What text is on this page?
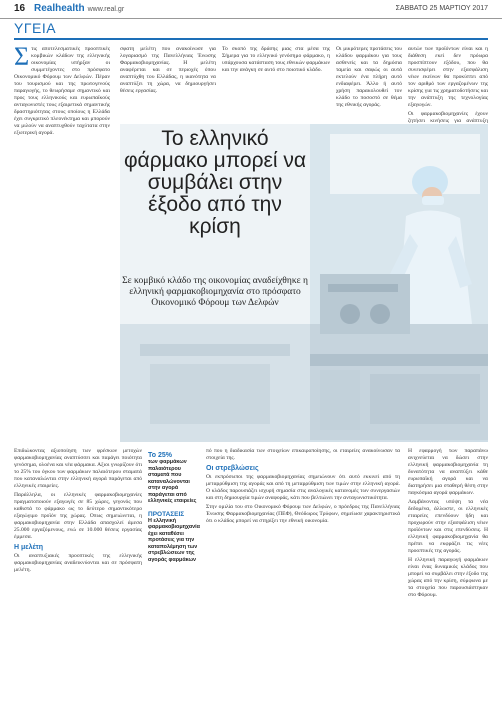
16 Realhealth www.real.gr	ΣΑΒΒΑΤΟ 25 ΜΑΡΤΙΟΥ 2017
ΥΓΕΙΑ
Σ τις αποτελεσματικές προοπτικές κομβικών κλάδων της ελληνικής οικονομίας υπήρξαν οι συμμετέχοντες στο πρόσφατο Οικονομικό Φόρουμ των Δελφών. Πέραν του τουρισμού και της πρωτογενούς παραγωγής, το θεωρήσαμε σημαντικό και πρoς τους ελληνικούς και ευρωπαϊκούς ανταγωνιστές τους εξαιρετικά σημαντικής δραστηριότητας στους οποίους η Ελλάδα έχει συγκριτικό πλεονέκτημα και μπορούν να μιλούν να αναπτυχθούν ταχύτατα στην εξωτερική αγορά.

σφατη μελέτη που ανακοίνωσε για λογαριασμό της Πανελλήνιας Ένωσης Φαρμακοβιομηχανίας. Η μελέτη αναφέρεται και σε περιοχές όπου αναπτύχθη του Ελλάδας, η ικανότητα να αναπτύξει τη χώρα, να δημιουργήσει θέσεις εργασίας.

Το σκοπό της δράσης μιας στα μέσα της Σήμερα για το ελληνικό γενόσημο φάρμακο, η υπάρχουσα κατάσταση τους εθνικών φαρμάκων και την ανάγκη σε αυτό στο ποιοτικό κλάδο.

Οι μικρότερες προτάσεις του κλάδου φαρμάκου για τους ασθενείς και τα δημόσια ταμεία και σαφώς οι αυτά εκτελούν ένα πλήρη αυτό ενδιαφέρει. Άλλο ή αυτό χρήση παρακολουθεί τον κλάδο το ποσοστό σε θέμα της εθνικής αγοράς.

αυτών των προϊόντων είναι και η διάθεση εκεί δεν πρόωρα προσπίπτουν εξόδου, που θα συνεισφέρει στην εξασφάλιση νέων εκείνων θα προκύπτει από τον αριθμό των εργαζομένων της κρίσης για τις χρηματοδοτήσεις και την ανάπτυξη της τεχνολογίας εξαγωγών.

Οι φαρμακοβιομηχανίες έχουν ζητήσει κινήσεις για ανάπτυξη

Το ελληνικό φάρμακο μπορεί να συμβάλει στην έξοδο από την κρίση
Σε κομβικό κλάδο της οικονομίας αναδείχθηκε η ελληνική φαρμακοβιομηχανία στο πρόσφατο Οικονομικό Φόρουμ των Δελφών

Επιδιώκοντας αξιοποίηση των φρέσκων μετοχών φαρμακοβιομηχανίας αναπτύσσει και παράγει ποιότητα γενόσημα, ολοένα και νέα φάρμακα. Αξιοι γνωρίζουν ότι το 25% του όγκου των φαρμάκων παλαιότερου σταματά που καταναλώνται στην ελληνική αγορά παράγεται από ελληνικές εταιρείες.

Παράλληλα, οι ελληνικές φαρμακοβιομηχανίες πραγματοποιούν εξαγωγές σε 85 χώρες, γεγονός που καθιστά το φάρμακο ως το δεύτερο σημαντικότερο εξαγώγιμο προϊόν της χώρας. Οπως σημειώνεται, η φαρμακοβιομηχανία στην Ελλάδα απασχολεί άμεσα 25.000 εργαζόμενους, ενώ σε 10.000 θέσεις εργασίας έμμεσα.

Η μελέτη

Οι αναπτυξιακές προοπτικές της ελληνικής φαρμακοβιομηχανίας αναδεικνύονται και σε πρόσφατη μελέτη.

Το 25%
των φαρμάκων παλαιότερου σταματά που καταναλώνονται στην αγορά παράγεται από ελληνικές εταιρείες
ΠΡΟΤΑΣΕΙΣ
Η ελληνική φαρμακοβιομηχανία έχει καταθέσει προτάσεις για την καταπολέμηση των στρεβλώσεων της αγοράς φαρμάκων

πό που η διαδικασία των στοιχείων επικαιροποίησης, οι εταιρείες ανακοίνωσαν τα στοιχεία της.

Οι στρεβλώσεις

Οι εκπρόσωποι της φαρμακοβιομηχανίας σημειώνουν ότι αυτό εκκινεί από τη μεταρρύθμιση της αγοράς και από τη μεταρρύθμιση των τιμών στην ελληνική αγορά. Ο κλάδος παρουσιάζει ισχυρή σημασία στις αναλογικές κατανομές των συνεργασιών και στη δημιουργία τιμών αναφοράς, κάτι που βελτιώνει την ανταγωνιστικότητα.

Στην ομιλία του στο Οικονομικό Φόρουμ των Δελφών, ο πρόεδρος της Πανελλήνιας Ένωσης Φαρμακοβιομηχανίας (ΠΕΦ), Θεόδωρος Τρύφων, σημείωσε χαρακτηριστικά ότι ο κλάδος μπορεί να στηρίξει την εθνική οικονομία.

Η εφαρμογή των παραπάνω ανιχνεύεται να δώσει στην ελληνική φαρμακοβιομηχανία τη δυνατότητα να αναπτύξει κάθε ευρωπαϊκή αγορά και να διατηρήσει μια σταθερή θέση στην παγκόσμια αγορά φαρμάκων.

Λαμβάνοντας υπόψη τα νέα δεδομένα, άλλωστε, οι ελληνικές εταιρείες επενδύουν ήδη και προχωρούν στην εξασφάλιση νέων προϊόντων και στις επενδύσεις. Η ελληνική φαρμακοβιομηχανία θα πρέπει να εκφράζει τις νέες προοπτικές της αγοράς.

Η ελληνική παραγωγή φαρμάκων είναι ένας δυναμικός κλάδος που μπορεί να συμβάλει στην έξοδο της χώρας από την κρίση, σύμφωνα με τα στοιχεία που παρουσιάστηκαν στο Φόρουμ.
